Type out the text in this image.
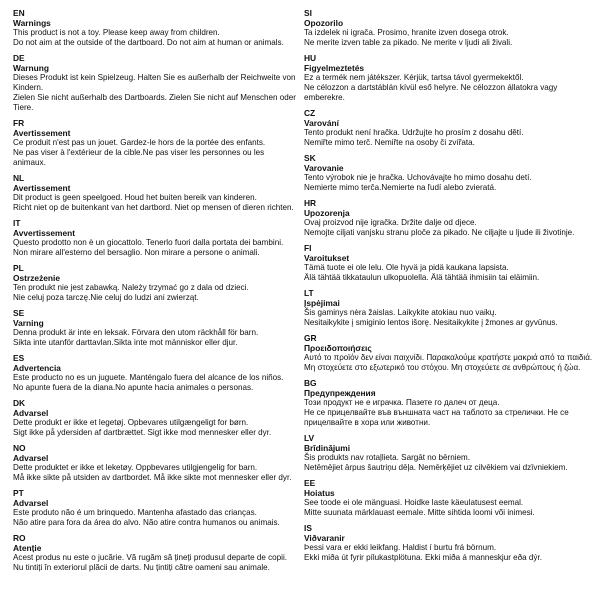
EN
Warnings
This product is not a toy. Please keep away from children.
Do not aim at the outside of the dartboard. Do not aim at human or animals.
DE
Warnung
Dieses Produkt ist kein Spielzeug. Halten Sie es außerhalb der Reichweite von Kindern.
Zielen Sie nicht außerhalb des Dartboards. Zielen Sie nicht auf Menschen oder Tiere.
FR
Avertissement
Ce produit n'est pas un jouet. Gardez-le hors de la portée des enfants.
Ne pas viser à l'extérieur de la cible.Ne pas viser les personnes ou les animaux.
NL
Avertissement
Dit product is geen speelgoed. Houd het buiten bereik van kinderen.
Richt niet op de buitenkant van het dartbord. Niet op mensen of dieren richten.
IT
Avvertissement
Questo prodotto non è un giocattolo. Tenerlo fuori dalla portata dei bambini.
Non mirare all'esterno del bersaglio. Non mirare a persone o animali.
PL
Ostrzeżenie
Ten produkt nie jest zabawką. Należy trzymać go z dala od dzieci.
Nie celuj poza tarczę.Nie celuj do ludzi ani zwierząt.
SE
Varning
Denna produkt är inte en leksak. Förvara den utom räckhåll för barn.
Sikta inte utanför darttavlan.Sikta inte mot människor eller djur.
ES
Advertencia
Este producto no es un juguete. Manténgalo fuera del alcance de los niños.
No apunte fuera de la diana.No apunte hacia animales o personas.
DK
Advarsel
Dette produkt er ikke et legetøj. Opbevares utilgængeligt for børn.
Sigt ikke på ydersiden af dartbrættet. Sigt ikke mod mennesker eller dyr.
NO
Advarsel
Dette produktet er ikke et leketøy. Oppbevares utilgjengelig for barn.
Må ikke sikte på utsiden av dartbordet. Må ikke sikte mot mennesker eller dyr.
PT
Advarsel
Este produto não é um brinquedo. Mantenha afastado das crianças.
Não atire para fora da área do alvo. Não atire contra humanos ou animais.
RO
Atenție
Acest produs nu este o jucărie. Vă rugăm să țineți produsul departe de copii.
Nu tintiți în exteriorul plăcii de darts. Nu țintiți către oameni sau animale.
SI
Opozorilo
Ta izdelek ni igrača. Prosimo, hranite izven dosega otrok.
Ne merite izven table za pikado. Ne merite v ljudi ali živali.
HU
Figyelmeztetés
Ez a termék nem játékszer. Kérjük, tartsa távol gyermekektől.
Ne célozzon a dartstáblán kívül eső helyre. Ne célozzon állatokra vagy emberekre.
CZ
Varování
Tento produkt není hračka. Udržujte ho prosím z dosahu dětí.
Nemiřte mimo terč. Nemiřte na osoby či zvířata.
SK
Varovanie
Tento výrobok nie je hračka. Uchovávajte ho mimo dosahu detí.
Nemierte mimo terča.Nemierte na ľudí alebo zvieratá.
HR
Upozorenja
Ovaj proizvod nije igračka. Držite dalje od djece.
Nemojte ciljati vanjsku stranu ploče za pikado. Ne ciljajte u ljude ili životinje.
FI
Varoitukset
Tämä tuote ei ole lelu. Ole hyvä ja pidä kaukana lapsista.
Älä tähtää tikkataulun ulkopuolella. Älä tähtää ihmisiin tai eläimiin.
LT
Įspėjimai
Šis gaminys nėra žaislas. Laikykite atokiau nuo vaikų.
Nesitaikykite į smiginio lentos išorę. Nesitaikykite į žmones ar gyvūnus.
GR
Προειδοποιήσεις
Αυτό το προϊόν δεν είναι παιχνίδι. Παρακαλούμε κρατήστε μακριά από τα παιδιά.
Μη στοχεύετε στο εξωτερικό του στόχου. Μη στοχεύετε σε ανθρώπους ή ζώα.
BG
Предупреждения
Този продукт не е играчка. Пазете го далеч от деца.
Не се прицелвайте във външната част на таблото за стрелички. Не се прицелвайте в хора или животни.
LV
Brīdinājumi
Šis produkts nav rotaļlieta. Sargāt no bērniem.
Netēmējiet ārpus šautriņu dēļa. Nemērķējiet uz cilvēkiem vai dzīvniekiem.
EE
Hoiatus
See toode ei ole mänguasi. Hoidke laste käeulatusest eemal.
Mitte suunata märklauast eemale. Mitte sihtida loomi või inimesi.
IS
Viðvaranir
Þessi vara er ekki leikfang. Haldist í burtu frá börnum.
Ekki miða út fyrir pílukastplötuna. Ekki miða á manneskjur eða dýr.
